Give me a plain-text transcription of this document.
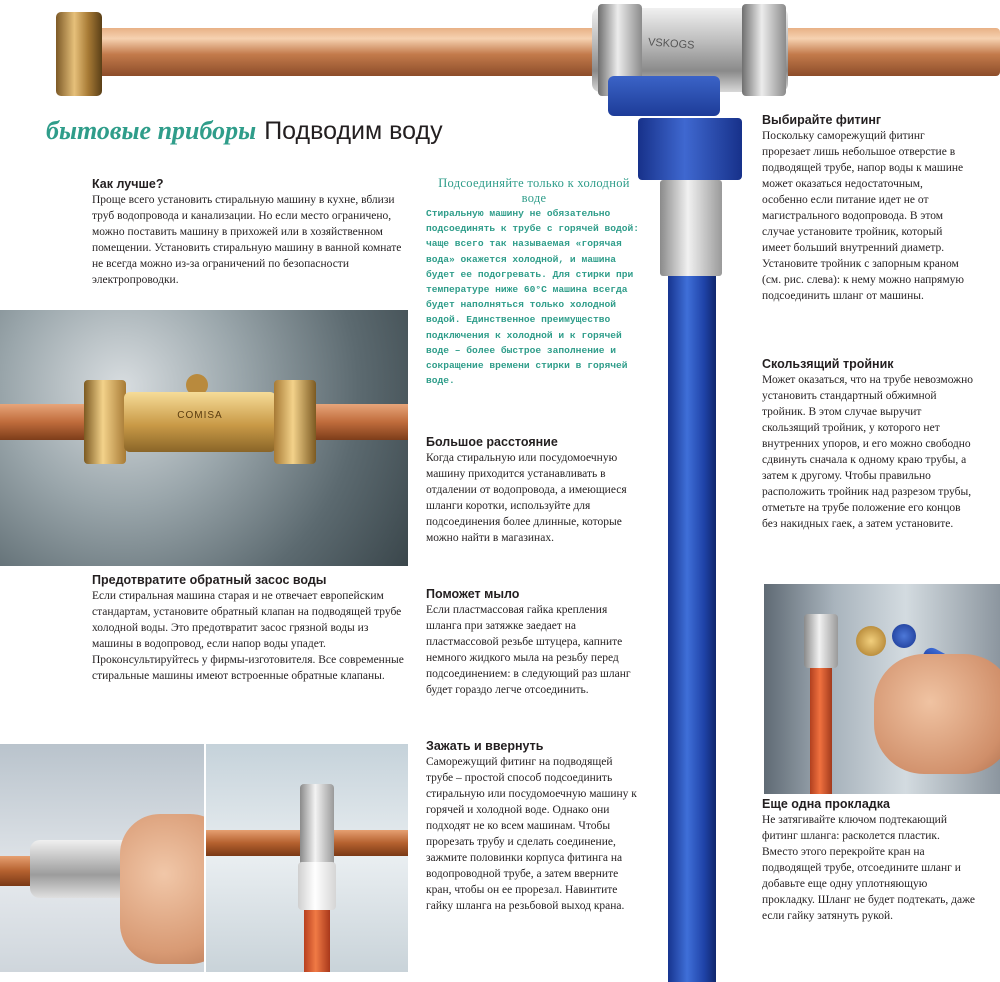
VSKOGS
COMISA
бытовые приборы Подводим воду
Как лучше?

Проще всего установить стиральную машину в кухне, вблизи труб водопровода и канализации. Но если место ограничено, можно поставить машину в прихожей или в хозяйственном помещении. Установить стиральную машину в ванной комнате не всегда можно из-за ограничений по безопасности электропроводки.

Предотвратите обратный засос воды

Если стиральная машина старая и не отвечает европейским стандартам, установите обратный клапан на подводящей трубе холодной воды. Это предотвратит засос грязной воды из машины в водопровод, если напор воды упадет. Проконсультируйтесь у фирмы-изготовителя. Все современные стиральные машины имеют встроенные обратные клапаны.

Подсоединяйте только к холодной воде

Стиральную машину не обязательно подсоединять к трубе с горячей водой: чаще всего так называемая «горячая вода» окажется холодной, и машина будет ее подогревать. Для стирки при температуре ниже 60°С машина всегда будет наполняться только холодной водой. Единственное преимущество подключения к холодной и к горячей воде – более быстрое заполнение и сокращение времени стирки в горячей воде.

Большое расстояние

Когда стиральную или посудомоечную машину приходится устанавливать в отдалении от водопровода, а имеющиеся шланги коротки, используйте для подсоединения более длинные, которые можно найти в магазинах.

Поможет мыло

Если пластмассовая гайка крепления шланга при затяжке заедает на пластмассовой резьбе штуцера, капните немного жидкого мыла на резьбу перед подсоединением: в следующий раз шланг будет гораздо легче отсоединить.

Зажать и ввернуть

Саморежущий фитинг на подводящей трубе – простой способ подсоединить стиральную или посудомоечную машину к горячей и холодной воде. Однако они подходят не ко всем машинам. Чтобы прорезать трубу и сделать соединение, зажмите половинки корпуса фитинга на водопроводной трубе, а затем вверните кран, чтобы он ее прорезал. Навинтите гайку шланга на резьбовой выход крана.

Выбирайте фитинг

Поскольку саморежущий фитинг прорезает лишь небольшое отверстие в подводящей трубе, напор воды к машине может оказаться недостаточным, особенно если питание идет не от магистрального водопровода. В этом случае установите тройник, который имеет больший внутренний диаметр. Установите тройник с запорным краном (см. рис. слева): к нему можно напрямую подсоединить шланг от машины.

Скользящий тройник

Может оказаться, что на трубе невозможно установить стандартный обжимной тройник. В этом случае выручит скользящий тройник, у которого нет внутренних упоров, и его можно свободно сдвинуть сначала к одному краю трубы, а затем к другому. Чтобы правильно расположить тройник над разрезом трубы, отметьте на трубе положение его концов без накидных гаек, а затем установите.

Еще одна прокладка

Не затягивайте ключом подтекающий фитинг шланга: расколется пластик. Вместо этого перекройте кран на подводящей трубе, отсоедините шланг и добавьте еще одну уплотняющую прокладку. Шланг не будет подтекать, даже если гайку затянуть рукой.
